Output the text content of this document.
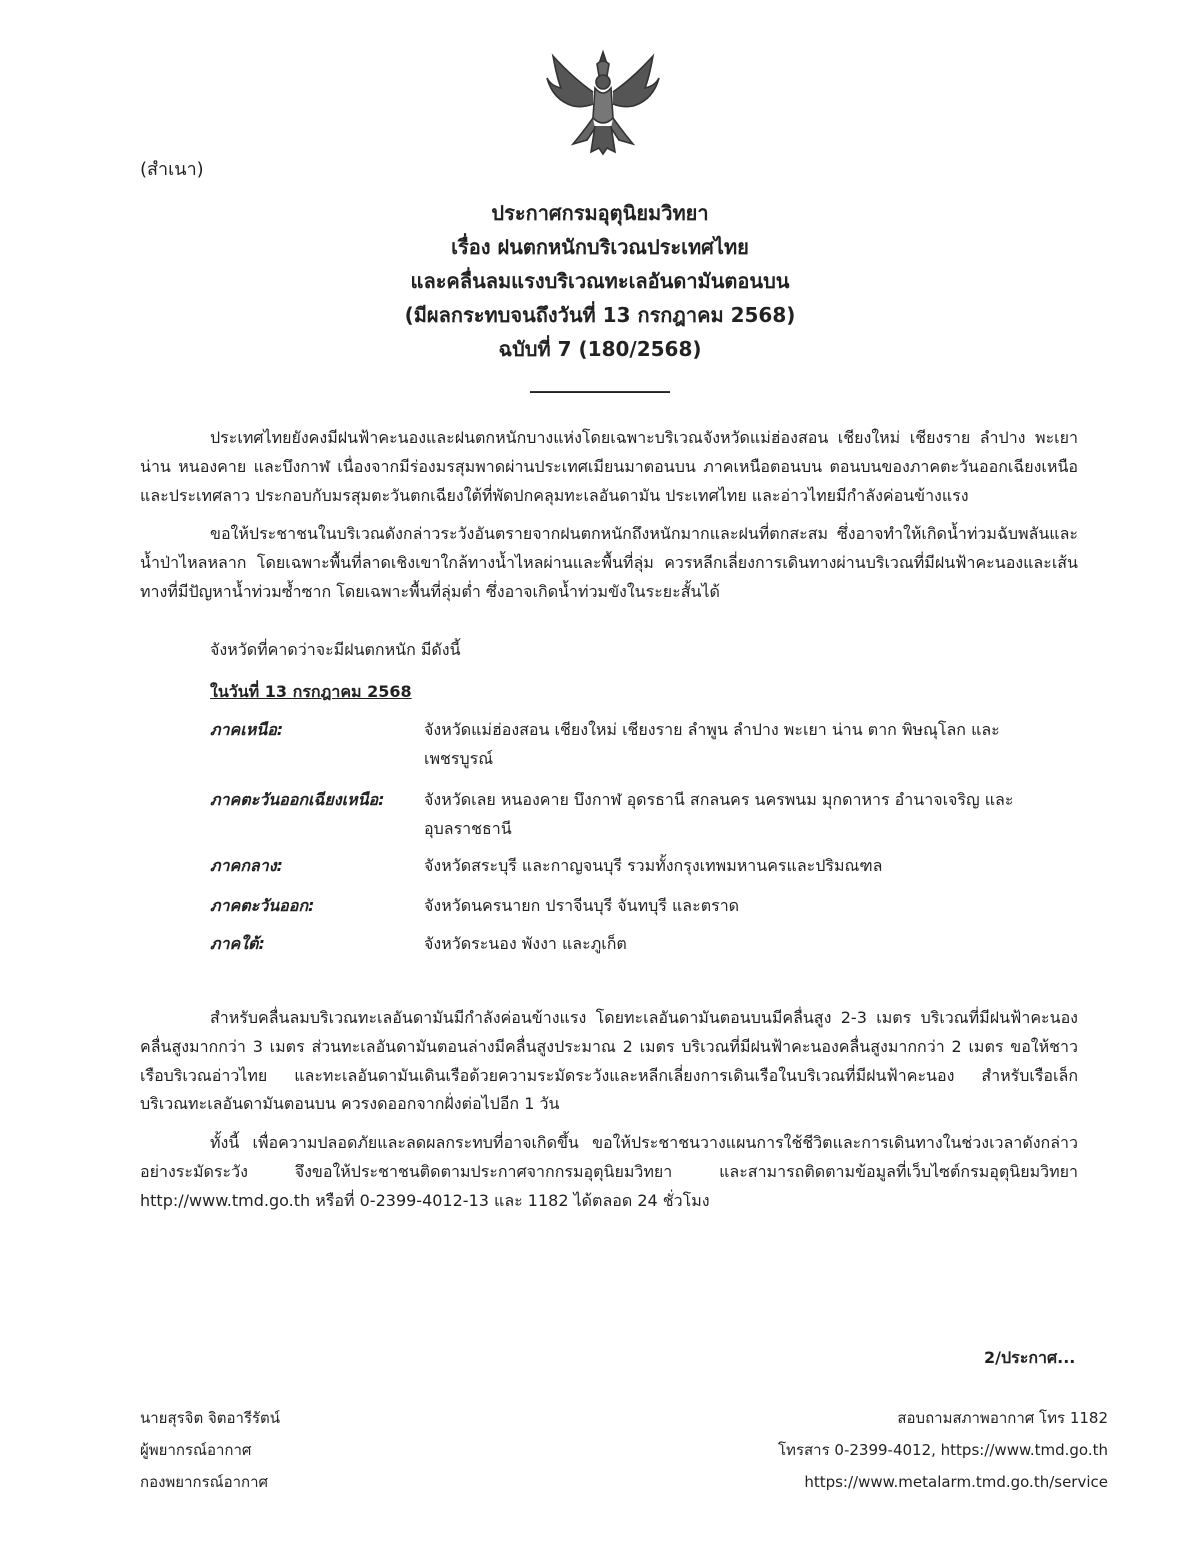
(สำเนา)
ประกาศกรมอุตุนิยมวิทยา
เรื่อง ฝนตกหนักบริเวณประเทศไทย
และคลื่นลมแรงบริเวณทะเลอันดามันตอนบน
(มีผลกระทบจนถึงวันที่ 13 กรกฎาคม 2568)
ฉบับที่ 7 (180/2568)
______________

ประเทศไทยยังคงมีฝนฟ้าคะนองและฝนตกหนักบางแห่งโดยเฉพาะบริเวณจังหวัดแม่ฮ่องสอน เชียงใหม่ เชียงราย ลำปาง พะเยา น่าน หนองคาย และบึงกาฬ เนื่องจากมีร่องมรสุมพาดผ่านประเทศเมียนมาตอนบน ภาคเหนือตอนบน ตอนบนของภาคตะวันออกเฉียงเหนือ และประเทศลาว ประกอบกับมรสุมตะวันตกเฉียงใต้ที่พัดปกคลุมทะเลอันดามัน ประเทศไทย และอ่าวไทยมีกำลังค่อนข้างแรง

ขอให้ประชาชนในบริเวณดังกล่าวระวังอันตรายจากฝนตกหนักถึงหนักมากและฝนที่ตกสะสม ซึ่งอาจทำให้เกิดน้ำท่วมฉับพลันและน้ำป่าไหลหลาก โดยเฉพาะพื้นที่ลาดเชิงเขาใกล้ทางน้ำไหลผ่านและพื้นที่ลุ่ม ควรหลีกเลี่ยงการเดินทางผ่านบริเวณที่มีฝนฟ้าคะนองและเส้นทางที่มีปัญหาน้ำท่วมซ้ำซาก โดยเฉพาะพื้นที่ลุ่มต่ำ ซึ่งอาจเกิดน้ำท่วมขังในระยะสั้นได้

จังหวัดที่คาดว่าจะมีฝนตกหนัก มีดังนี้
ในวันที่ 13 กรกฎาคม 2568
ภาคเหนือ:	จังหวัดแม่ฮ่องสอน เชียงใหม่ เชียงราย ลำพูน ลำปาง พะเยา น่าน ตาก พิษณุโลก และเพชรบูรณ์
ภาคตะวันออกเฉียงเหนือ: จังหวัดเลย หนองคาย บึงกาฬ อุดรธานี สกลนคร นครพนม มุกดาหาร อำนาจเจริญ และอุบลราชธานี
ภาคกลาง:	จังหวัดสระบุรี และกาญจนบุรี รวมทั้งกรุงเทพมหานครและปริมณฑล
ภาคตะวันออก:	จังหวัดนครนายก ปราจีนบุรี จันทบุรี และตราด
ภาคใต้:	จังหวัดระนอง พังงา และภูเก็ต

สำหรับคลื่นลมบริเวณทะเลอันดามันมีกำลังค่อนข้างแรง โดยทะเลอันดามันตอนบนมีคลื่นสูง 2-3 เมตร บริเวณที่มีฝนฟ้าคะนองคลื่นสูงมากกว่า 3 เมตร ส่วนทะเลอันดามันตอนล่างมีคลื่นสูงประมาณ 2 เมตร บริเวณที่มีฝนฟ้าคะนองคลื่นสูงมากกว่า 2 เมตร ขอให้ชาวเรือบริเวณอ่าวไทย และทะเลอันดามันเดินเรือด้วยความระมัดระวังและหลีกเลี่ยงการเดินเรือในบริเวณที่มีฝนฟ้าคะนอง สำหรับเรือเล็กบริเวณทะเลอันดามันตอนบน ควรงดออกจากฝั่งต่อไปอีก 1 วัน

ทั้งนี้ เพื่อความปลอดภัยและลดผลกระทบที่อาจเกิดขึ้น ขอให้ประชาชนวางแผนการใช้ชีวิตและการเดินทางในช่วงเวลาดังกล่าวอย่างระมัดระวัง จึงขอให้ประชาชนติดตามประกาศจากกรมอุตุนิยมวิทยา และสามารถติดตามข้อมูลที่เว็บไซต์กรมอุตุนิยมวิทยา http://www.tmd.go.th หรือที่ 0-2399-4012-13 และ 1182 ได้ตลอด 24 ชั่วโมง

2/ประกาศ...
นายสุรจิต จิตอารีรัตน์
ผู้พยากรณ์อากาศ
กองพยากรณ์อากาศ
สอบถามสภาพอากาศ โทร 1182
โทรสาร 0-2399-4012, https://www.tmd.go.th
https://www.metalarm.tmd.go.th/service
